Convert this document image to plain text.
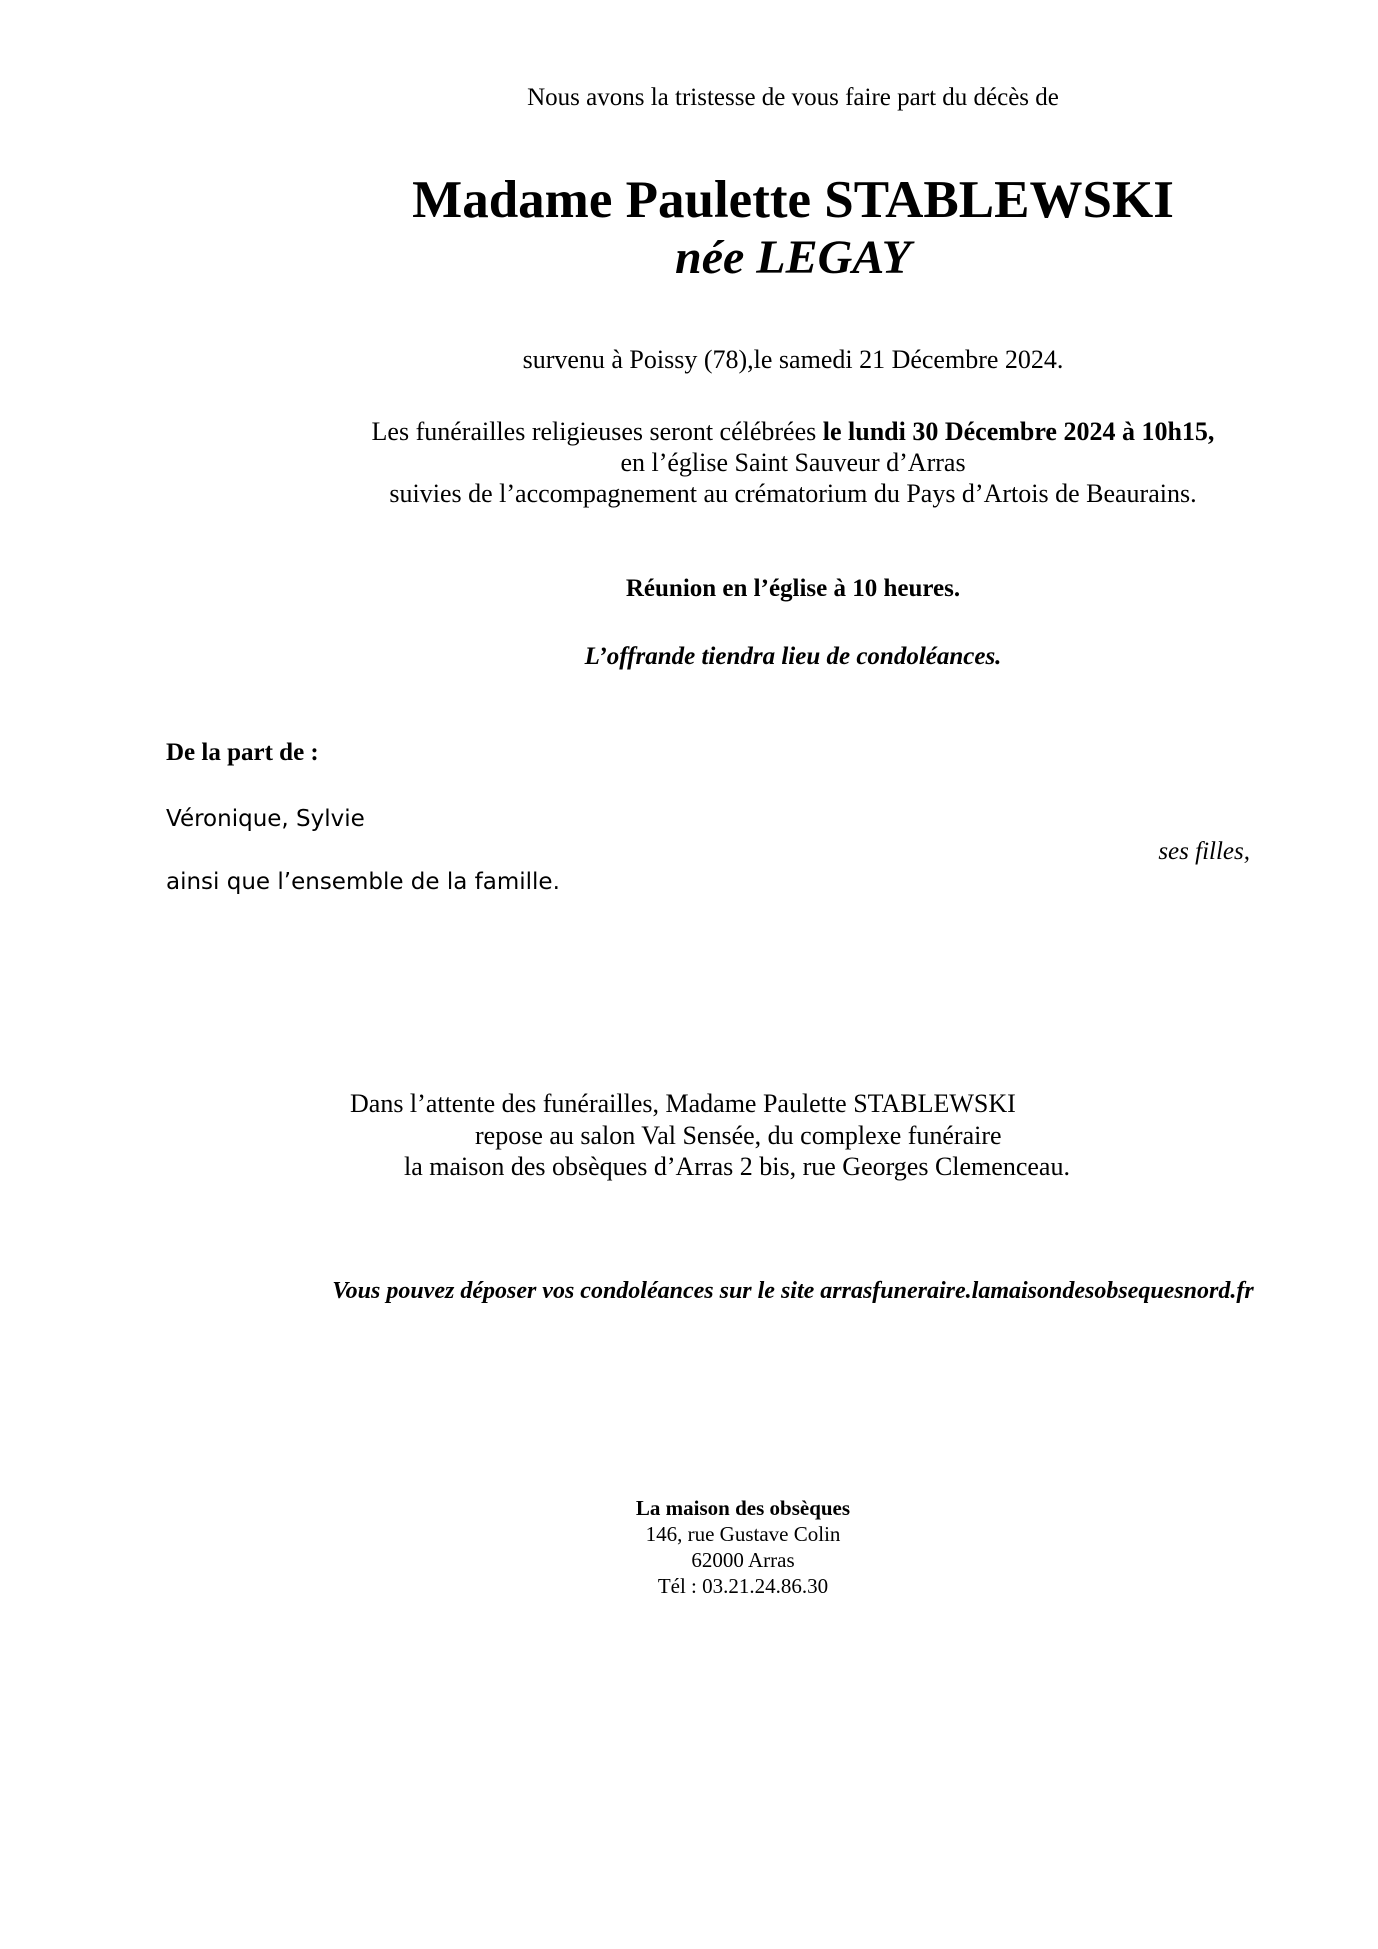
Nous avons la tristesse de vous faire part du décès de
Madame Paulette STABLEWSKI
née LEGAY
survenu à Poissy (78),le samedi 21 Décembre 2024.
Les funérailles religieuses seront célébrées le lundi 30 Décembre 2024 à 10h15,
en l’église Saint Sauveur d’Arras
suivies de l’accompagnement au crématorium du Pays d’Artois de Beaurains.
Réunion en l’église à 10 heures.
L’offrande tiendra lieu de condoléances.
De la part de :
Véronique, Sylvie
ses filles,
ainsi que l’ensemble de la famille.
Dans l’attente des funérailles, Madame Paulette STABLEWSKI
repose au salon Val Sensée, du complexe funéraire
la maison des obsèques d’Arras 2 bis, rue Georges Clemenceau.
Vous pouvez déposer vos condoléances sur le site arrasfuneraire.lamaisondesobsequesnord.fr
La maison des obsèques
146, rue Gustave Colin
62000 Arras
Tél : 03.21.24.86.30
